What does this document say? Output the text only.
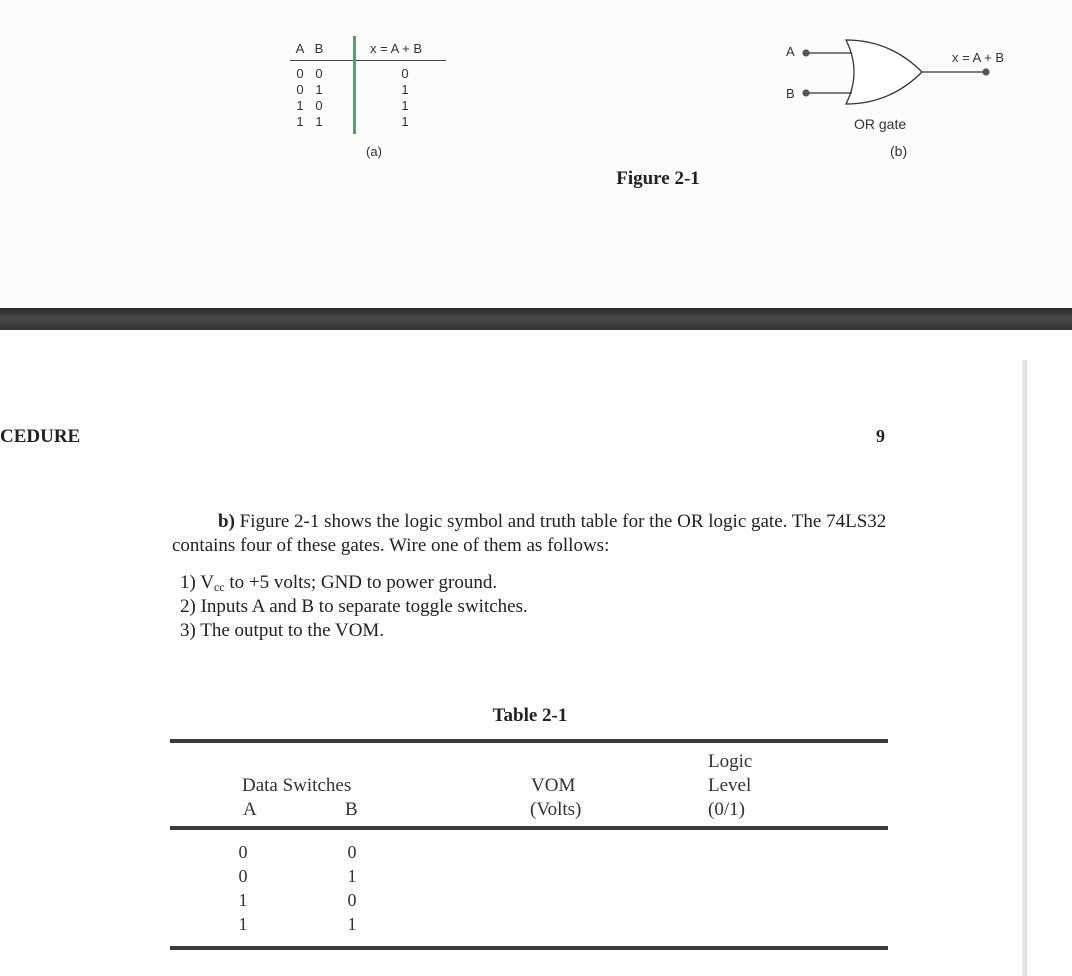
A B	x = A + B
0 0	0
0 1	1
1 0	1
1 1	1
(a)
A
B
x = A + B
OR gate
(b)
Figure 2-1
CEDURE	9
b) Figure 2-1 shows the logic symbol and truth table for the OR logic gate. The 74LS32 contains four of these gates. Wire one of them as follows:
1) $V_{cc}$ to +5 volts; GND to power ground.
2) Inputs A and B to separate toggle switches.
3) The output to the VOM.
Table 2-1
Data Switches
A	B
VOM
(Volts)
Logic
Level
(0/1)
0	0
0	1
1	0
1	1
